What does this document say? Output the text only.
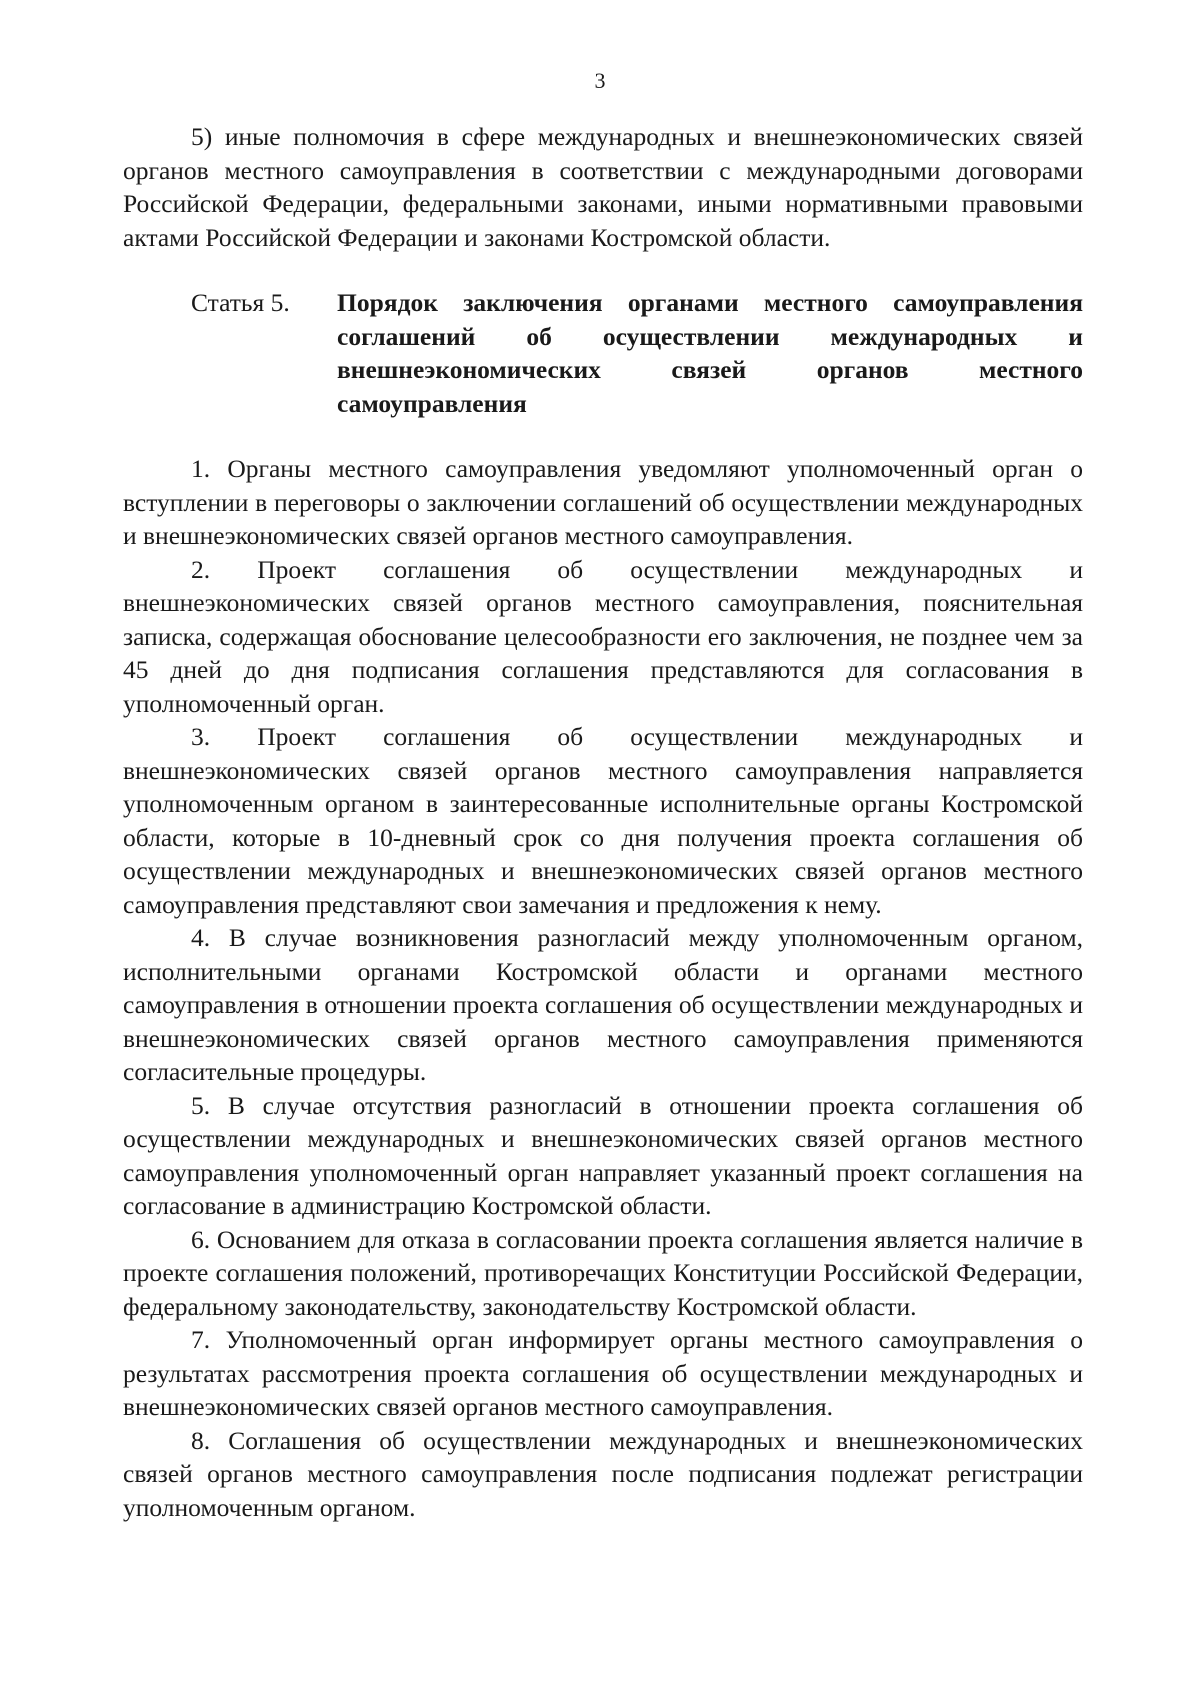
3

5) иные полномочия в сфере международных и внешнеэкономических связей органов местного самоуправления в соответствии с международными договорами Российской Федерации, федеральными законами, иными нормативными правовыми актами Российской Федерации и законами Костромской области.

Статья 5.	Порядок заключения органами местного самоуправления соглашений об осуществлении международных и внешнеэкономических связей органов местного самоуправления

1. Органы местного самоуправления уведомляют уполномоченный орган о вступлении в переговоры о заключении соглашений об осуществлении международных и внешнеэкономических связей органов местного самоуправления.

2. Проект соглашения об осуществлении международных и внешнеэкономических связей органов местного самоуправления, пояснительная записка, содержащая обоснование целесообразности его заключения, не позднее чем за 45 дней до дня подписания соглашения представляются для согласования в уполномоченный орган.

3. Проект соглашения об осуществлении международных и внешнеэкономических связей органов местного самоуправления направляется уполномоченным органом в заинтересованные исполнительные органы Костромской области, которые в 10-дневный срок со дня получения проекта соглашения об осуществлении международных и внешнеэкономических связей органов местного самоуправления представляют свои замечания и предложения к нему.

4. В случае возникновения разногласий между уполномоченным органом, исполнительными органами Костромской области и органами местного самоуправления в отношении проекта соглашения об осуществлении международных и внешнеэкономических связей органов местного самоуправления применяются согласительные процедуры.

5. В случае отсутствия разногласий в отношении проекта соглашения об осуществлении международных и внешнеэкономических связей органов местного самоуправления уполномоченный орган направляет указанный проект соглашения на согласование в администрацию Костромской области.

6. Основанием для отказа в согласовании проекта соглашения является наличие в проекте соглашения положений, противоречащих Конституции Российской Федерации, федеральному законодательству, законодательству Костромской области.

7. Уполномоченный орган информирует органы местного самоуправления о результатах рассмотрения проекта соглашения об осуществлении международных и внешнеэкономических связей органов местного самоуправления.

8. Соглашения об осуществлении международных и внешнеэкономических связей органов местного самоуправления после подписания подлежат регистрации уполномоченным органом.
